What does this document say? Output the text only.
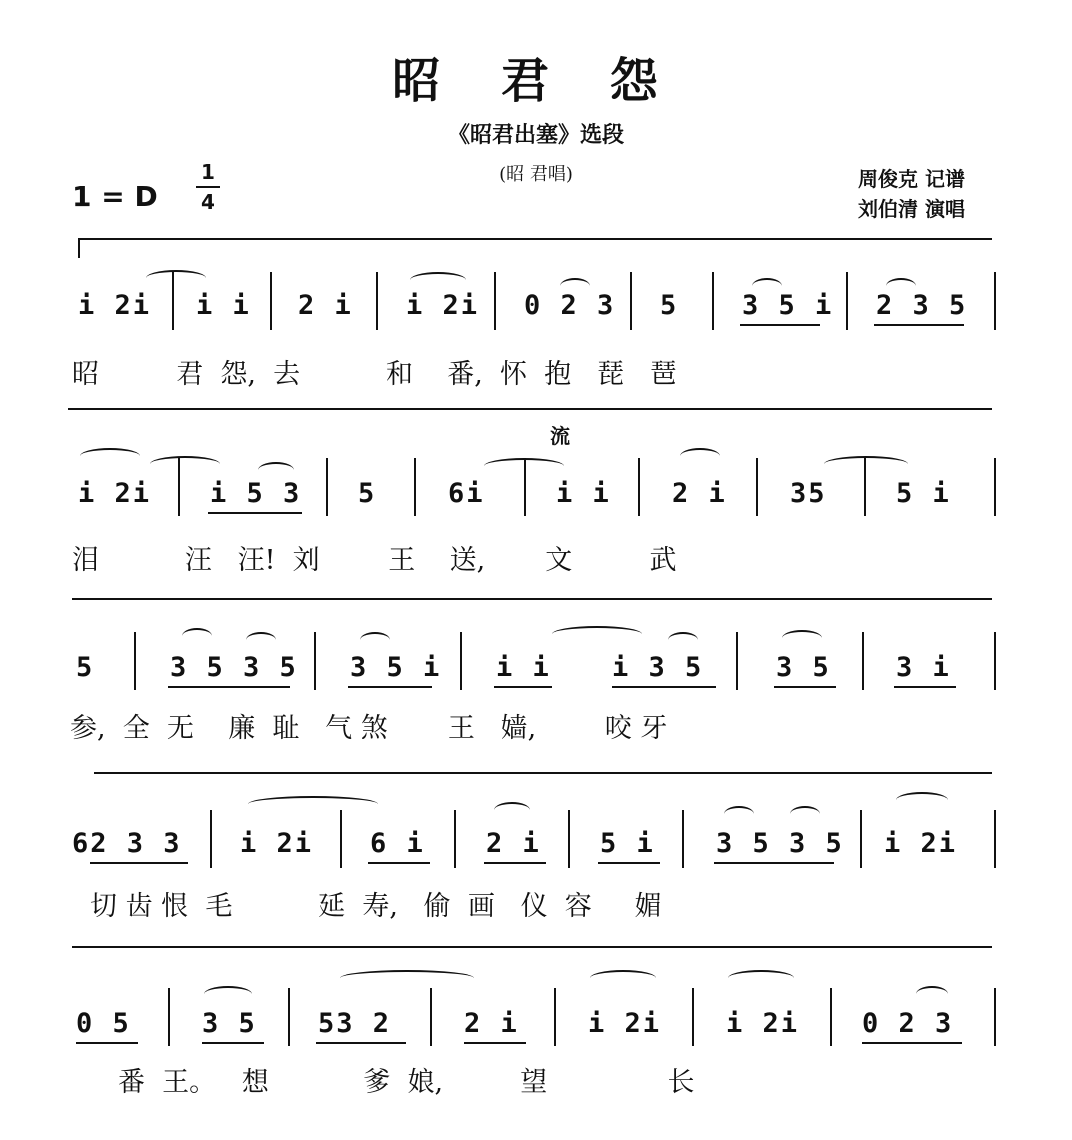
昭 君 怨
《昭君出塞》选段
(昭 君唱)
1 = D
1
4
周俊克 记谱
刘伯清 演唱
i 2i i i 2 i i 2i 0 2 3 5 3 5 i 2 3 5
昭         君  怨,  去          和    番,  怀  抱   琵   琶
流
i 2i i 5 3 5	6i	i i 2 i 35	5 i
泪          汪   汪!  刘        王    送,       文         武
5	3 5 3 5 3 5 i i i i 3 5	3 5 3 i
参,  全  无    廉  耻   气 煞       王   嫱,        咬 牙
62 3 3 i 2i 6 i 2 i 5 i 3 5 3 5 i 2i
切 齿 恨  毛          延  寿,   偷  画   仪  容     媚
0 5	3 5 53 2	2 i	i 2i i 2i 0 2 3
番  王。   想           爹  娘,         望              长
